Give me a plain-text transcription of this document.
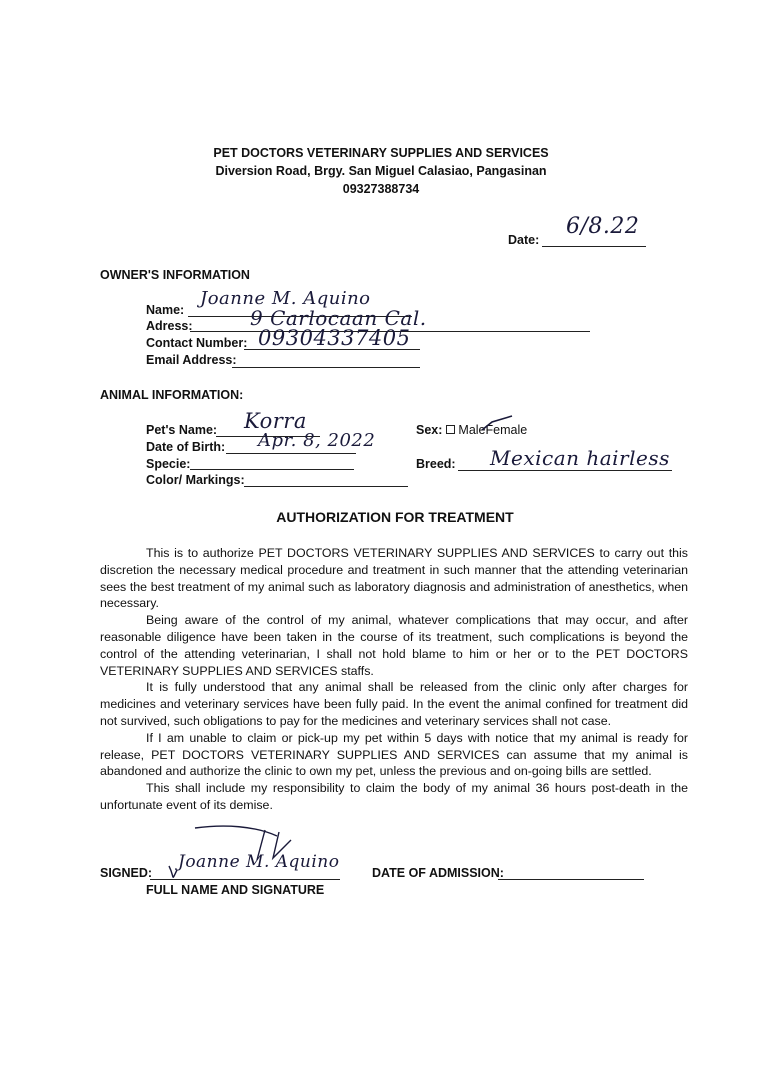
PET DOCTORS VETERINARY SUPPLIES AND SERVICES
Diversion Road, Brgy. San Miguel Calasiao, Pangasinan
09327388734
Date:
6/8.22
OWNER'S INFORMATION
Name:
Joanne M. Aquino
Adress:	9 Carlocaan Cal.
Contact Number: 09304337405
Email Address:
ANIMAL INFORMATION:
Pet's Name: Korra
Date of Birth: Apr. 8, 2022
Specie:
Color/ Markings:
Sex: MaleFemale
Breed: Mexican hairless
AUTHORIZATION FOR TREATMENT

This is to authorize PET DOCTORS VETERINARY SUPPLIES AND SERVICES to carry out this discretion the necessary medical procedure and treatment in such manner that the attending veterinarian sees the best treatment of my animal such as laboratory diagnosis and administration of anesthetics, when necessary.

Being aware of the control of my animal, whatever complications that may occur, and after reasonable diligence have been taken in the course of its treatment, such complications is beyond the control of the attending veterinarian, I shall not hold blame to him or her or to the PET DOCTORS VETERINARY SUPPLIES AND SERVICES staffs.

It is fully understood that any animal shall be released from the clinic only after charges for medicines and veterinary services have been fully paid. In the event the animal confined for treatment did not survived, such obligations to pay for the medicines and veterinary services shall not case.

If I am unable to claim or pick-up my pet within 5 days with notice that my animal is ready for release, PET DOCTORS VETERINARY SUPPLIES AND SERVICES can assume that my animal is abandoned and authorize the clinic to own my pet, unless the previous and on-going bills are settled.

This shall include my responsibility to claim the body of my animal 36 hours post-death in the unfortunate event of its demise.

SIGNED:
Joanne M. Aquino
FULL NAME AND SIGNATURE
DATE OF ADMISSION:
